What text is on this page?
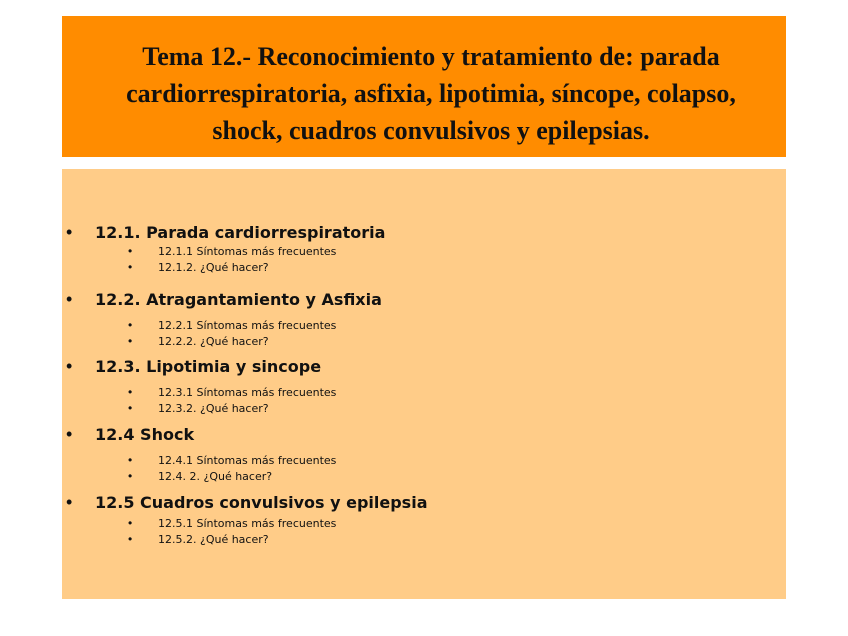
Tema 12.- Reconocimiento y tratamiento de: parada cardiorrespiratoria, asfixia, lipotimia, síncope, colapso, shock, cuadros convulsivos y epilepsias.

• 12.1. Parada cardiorrespiratoria
• 12.1.1 Síntomas más frecuentes
• 12.1.2. ¿Qué hacer?
• 12.2. Atragantamiento y Asfixia
• 12.2.1 Síntomas más frecuentes
• 12.2.2. ¿Qué hacer?
• 12.3. Lipotimia y sincope
• 12.3.1 Síntomas más frecuentes
• 12.3.2. ¿Qué hacer?
• 12.4 Shock
• 12.4.1 Síntomas más frecuentes
• 12.4. 2. ¿Qué hacer?
• 12.5 Cuadros convulsivos y epilepsia
• 12.5.1 Síntomas más frecuentes
• 12.5.2. ¿Qué hacer?
